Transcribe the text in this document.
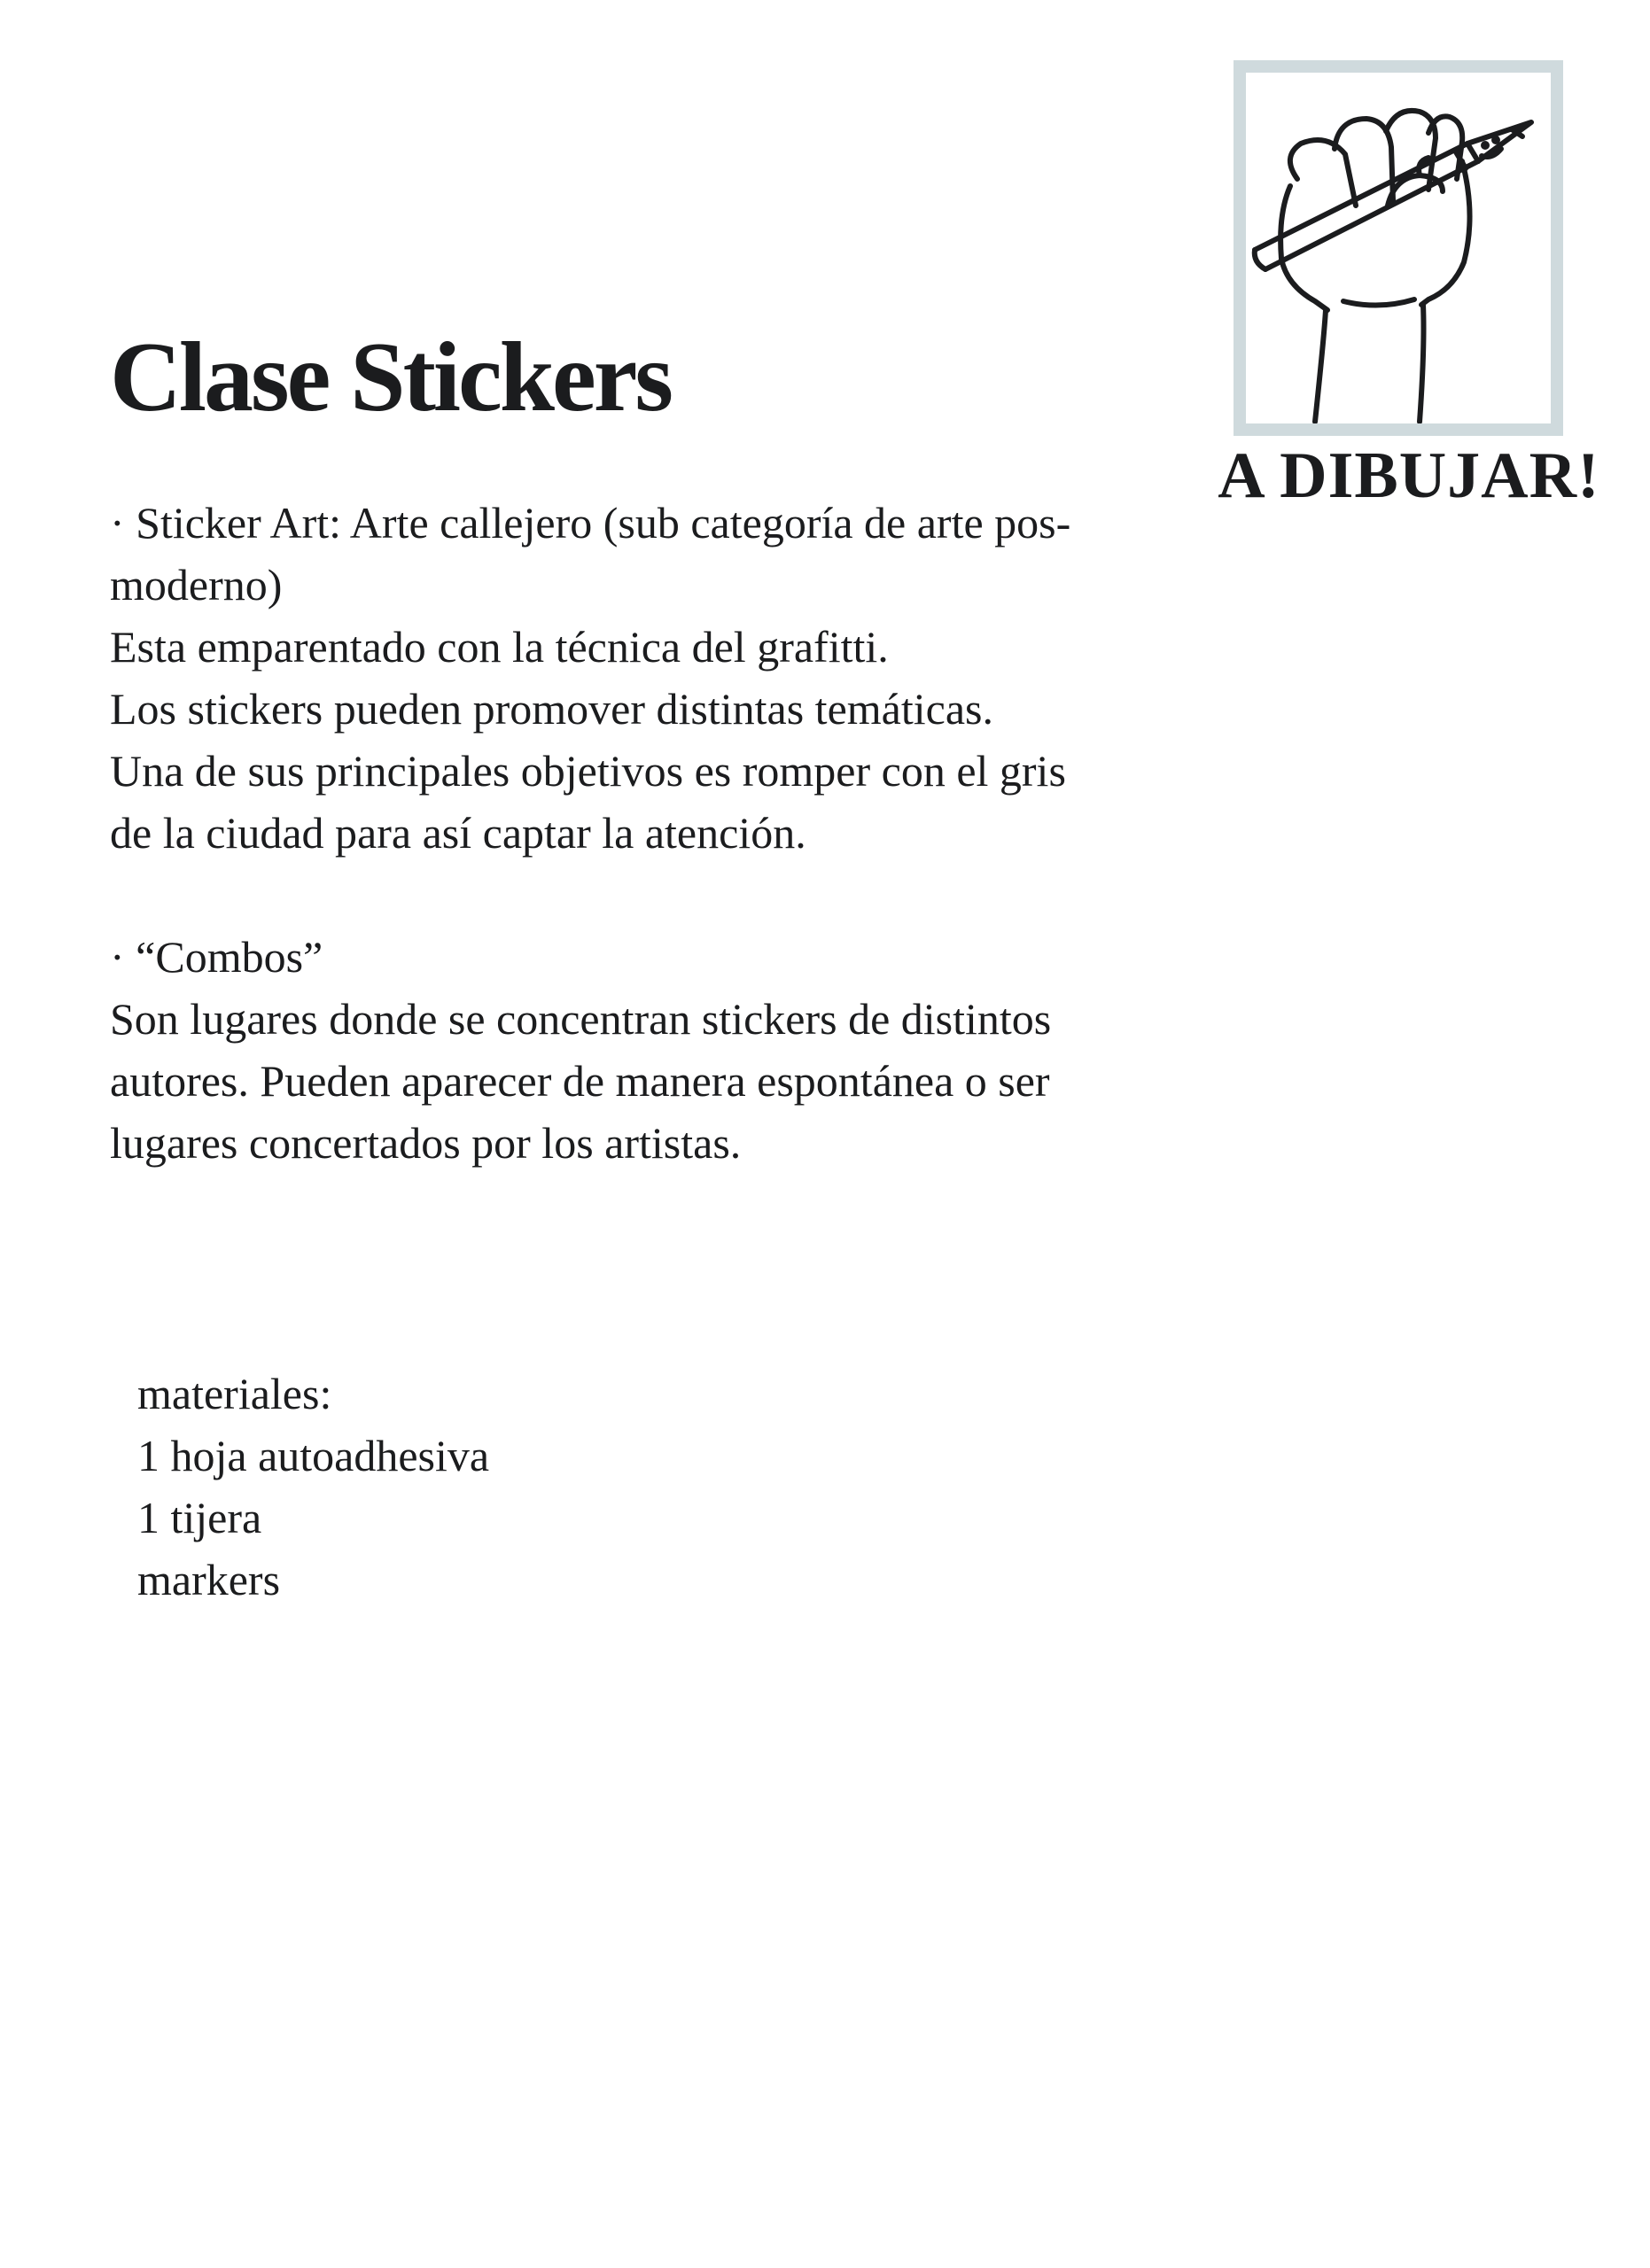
Clase Stickers

· Sticker Art: Arte callejero (sub categoría de arte pos-

moderno)

Esta emparentado con la técnica del grafitti.

Los stickers pueden promover distintas temáticas.

Una de sus principales objetivos es romper con el gris

de la ciudad para así captar la atención.

· “Combos”

Son lugares donde se concentran stickers de distintos

autores. Pueden aparecer de manera espontánea o ser

lugares concertados por los artistas.

materiales:

1 hoja autoadhesiva

1 tijera

markers

A DIBUJAR!
